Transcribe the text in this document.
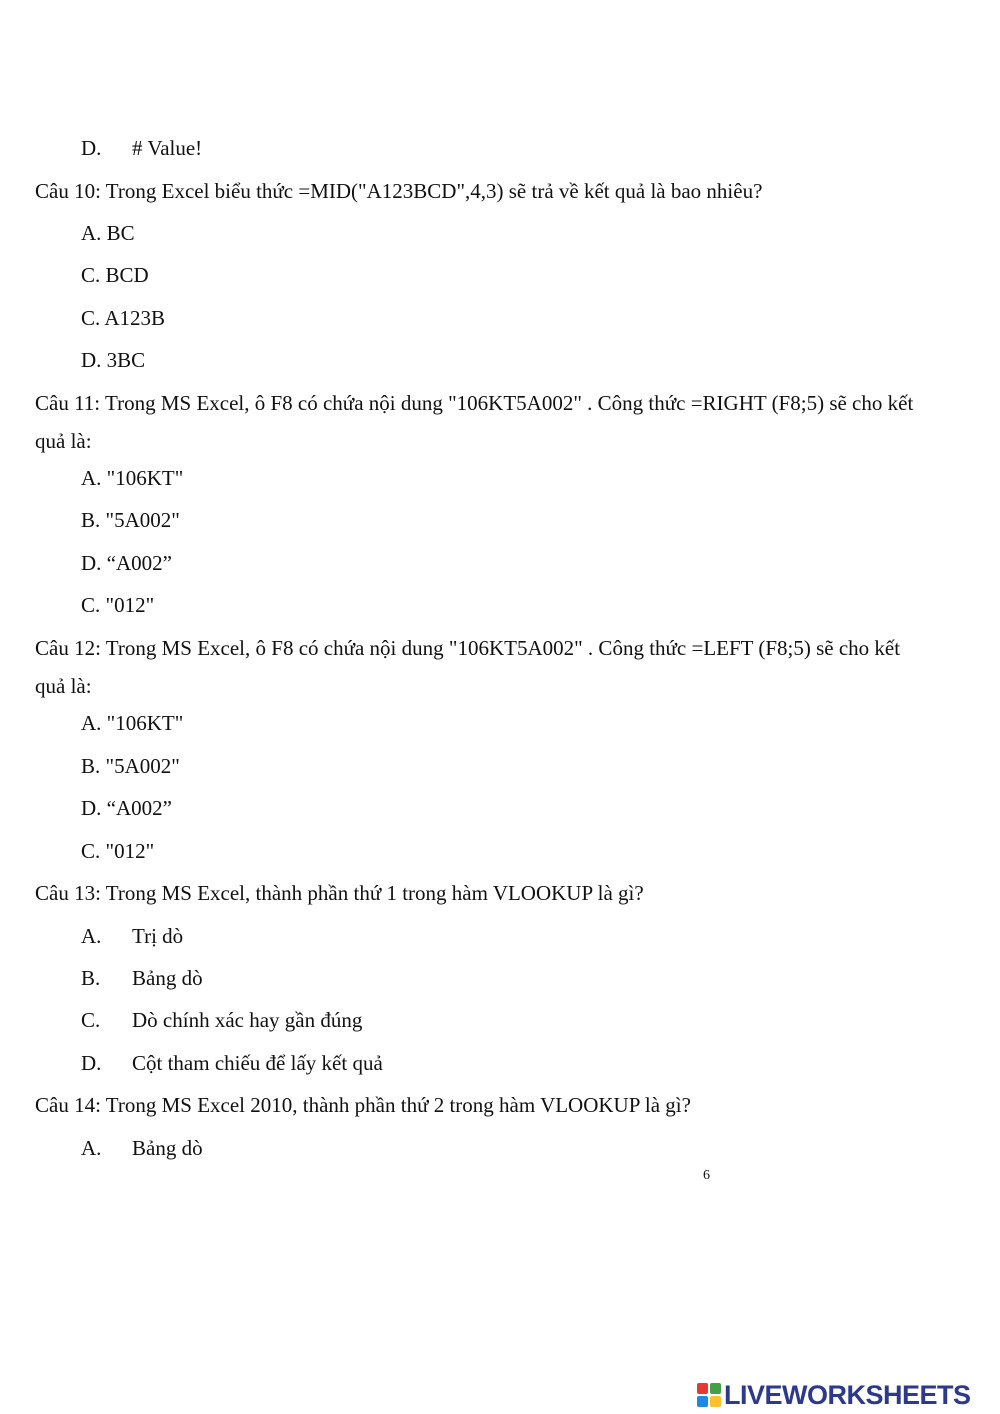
D. # Value!
Câu 10: Trong Excel biểu thức =MID("A123BCD",4,3) sẽ trả về kết quả là bao nhiêu?
A. BC
C. BCD
C. A123B
D. 3BC
Câu 11: Trong MS Excel, ô F8 có chứa nội dung "106KT5A002" . Công thức =RIGHT (F8;5) sẽ cho kết
quả là:
A. "106KT"
B. "5A002"
D. “A002”
C. "012"
Câu 12: Trong MS Excel, ô F8 có chứa nội dung "106KT5A002" . Công thức =LEFT (F8;5) sẽ cho kết
quả là:
A. "106KT"
B. "5A002"
D. “A002”
C. "012"
Câu 13: Trong MS Excel, thành phần thứ 1 trong hàm VLOOKUP là gì?
A. Trị dò
B. Bảng dò
C. Dò chính xác hay gần đúng
D. Cột tham chiếu để lấy kết quả
Câu 14: Trong MS Excel 2010, thành phần thứ 2 trong hàm VLOOKUP là gì?
A. Bảng dò
6
LIVEWORKSHEETS
